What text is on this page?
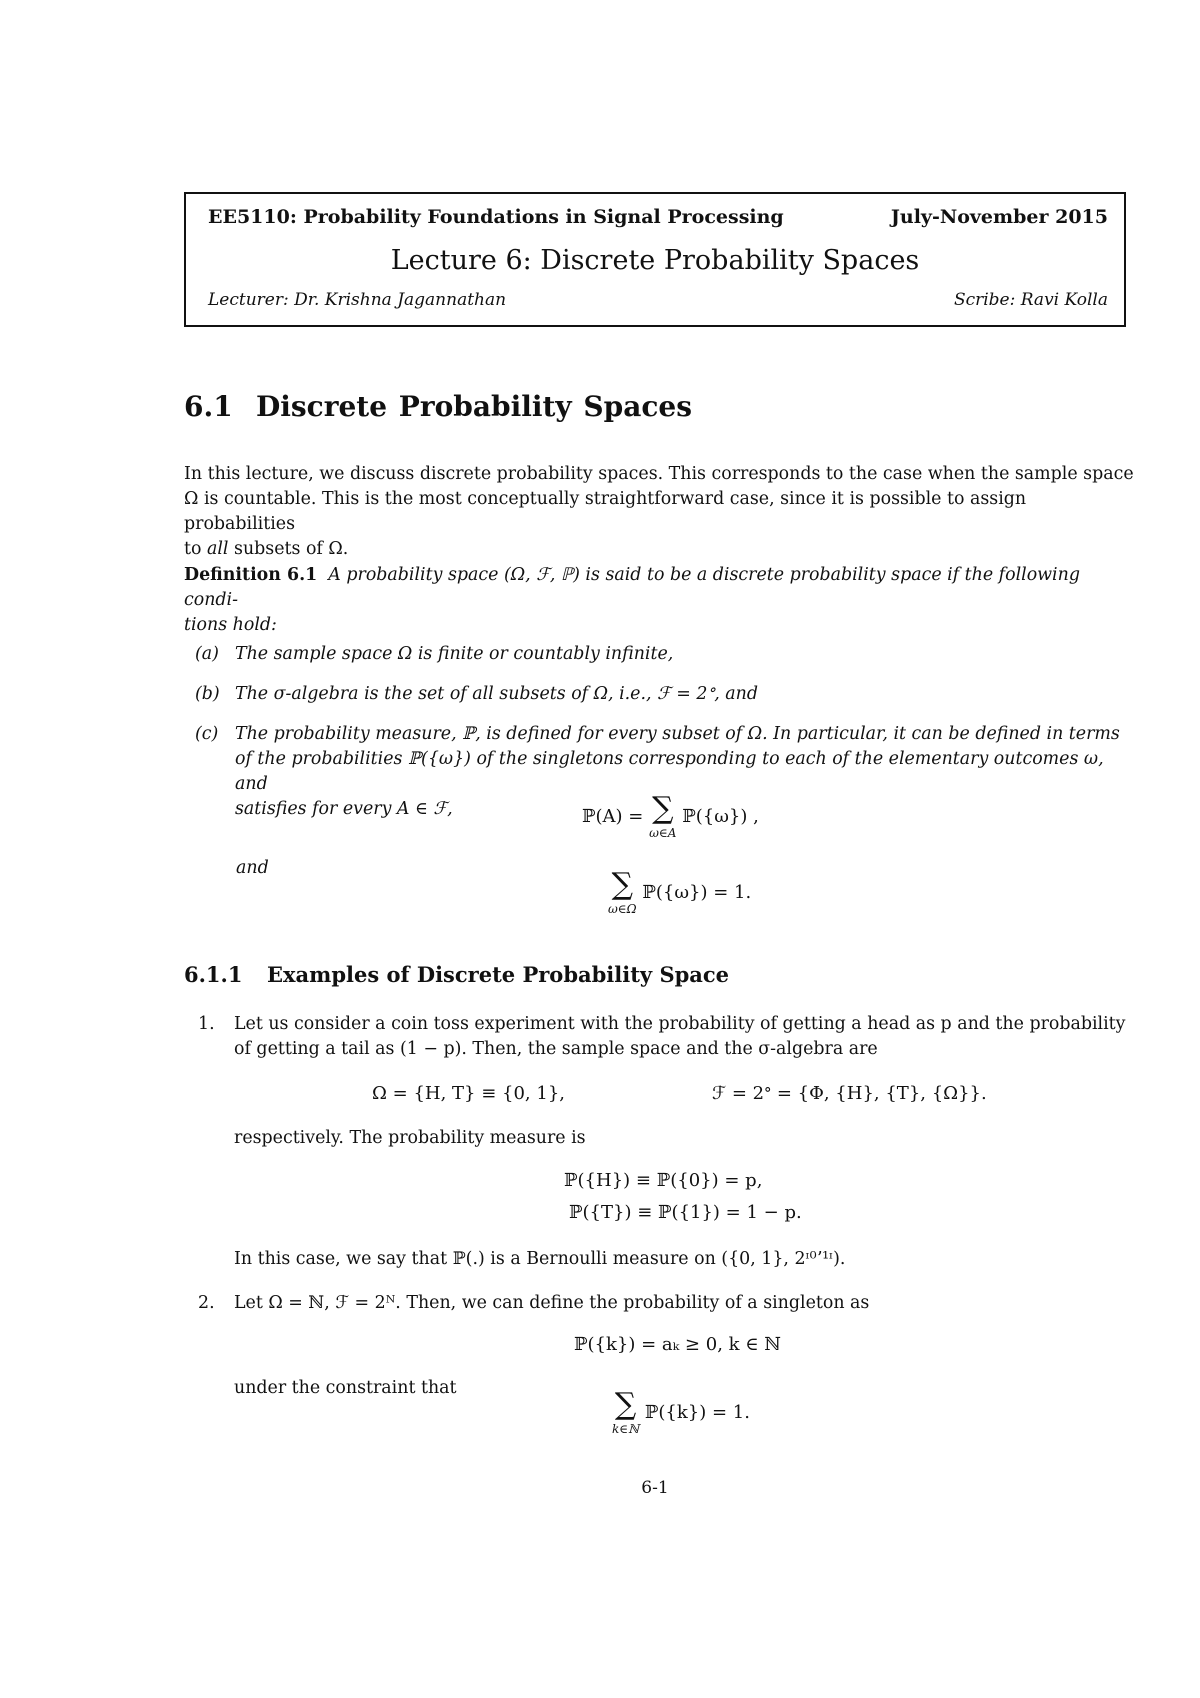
EE5110: Probability Foundations in Signal Processing	July-November 2015
Lecture 6: Discrete Probability Spaces
Lecturer: Dr. Krishna Jagannathan	Scribe: Ravi Kolla
6.1 Discrete Probability Spaces
In this lecture, we discuss discrete probability spaces. This corresponds to the case when the sample space
Ω is countable. This is the most conceptually straightforward case, since it is possible to assign probabilities
to all subsets of Ω.
Definition 6.1 A probability space (Ω, ℱ, ℙ) is said to be a discrete probability space if the following condi-
tions hold:
(a) The sample space Ω is finite or countably infinite,
(b) The σ-algebra is the set of all subsets of Ω, i.e., ℱ = 2ᐤ, and
(c) The probability measure, ℙ, is defined for every subset of Ω. In particular, it can be defined in terms
of the probabilities ℙ({ω}) of the singletons corresponding to each of the elementary outcomes ω, and
satisfies for every A ∈ ℱ,	ℙ(A) = ∑
ω∈A
ℙ({ω}) ,
and	∑
ω∈Ω
ℙ({ω}) = 1.
6.1.1 Examples of Discrete Probability Space
1. Let us consider a coin toss experiment with the probability of getting a head as p and the probability
of getting a tail as (1 − p). Then, the sample space and the σ-algebra are
Ω = {H, T} ≡ {0, 1},	ℱ = 2ᐤ = {Φ, {H}, {T}, {Ω}}.
respectively. The probability measure is
ℙ({H}) ≡ ℙ({0}) = p,
ℙ({T}) ≡ ℙ({1}) = 1 − p.
In this case, we say that ℙ(.) is a Bernoulli measure on ({0, 1}, 2ᶦ⁰ʼ¹ᶦ).
2. Let Ω = ℕ, ℱ = 2ᴺ. Then, we can define the probability of a singleton as
ℙ({k}) = aₖ ≥ 0, k ∈ ℕ
under the constraint that	∑
k∈ℕ
ℙ({k}) = 1.
6-1
